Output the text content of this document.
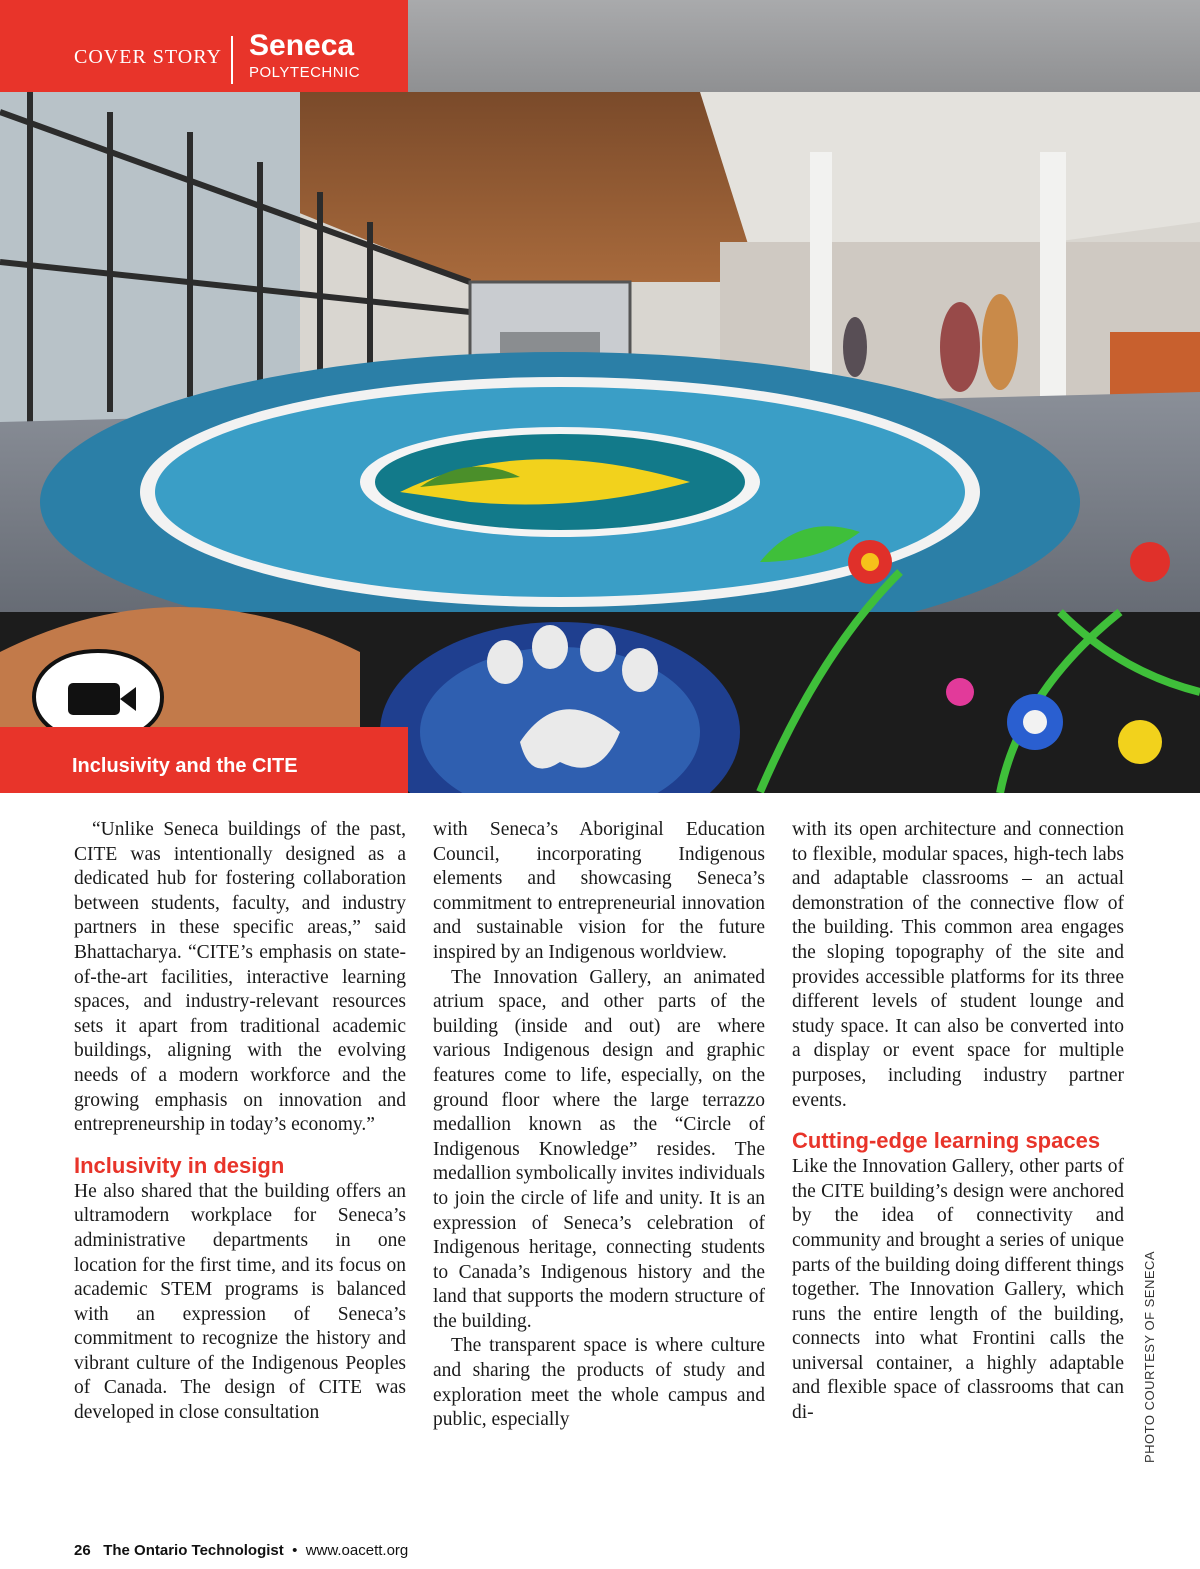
COVER STORY Seneca
POLYTECHNIC
Inclusivity and the CITE

“Unlike Seneca buildings of the past, CITE was intentionally designed as a dedicated hub for fostering collaboration between students, faculty, and industry partners in these specific areas,” said Bhattacharya. “CITE’s emphasis on state-of-the-art facilities, interactive learning spaces, and industry-relevant resources sets it apart from traditional academic buildings, aligning with the evolving needs of a modern workforce and the growing emphasis on innovation and entrepreneurship in today’s economy.”

Inclusivity in design

He also shared that the building offers an ultramodern workplace for Seneca’s administrative departments in one location for the first time, and its focus on academic STEM programs is balanced with an expression of Seneca’s commitment to recognize the history and vibrant culture of the Indigenous Peoples of Canada. The design of CITE was developed in close consultation

with Seneca’s Aboriginal Education Council, incorporating Indigenous elements and showcasing Seneca’s commitment to entrepreneurial innovation and sustainable vision for the future inspired by an Indigenous worldview.

The Innovation Gallery, an animated atrium space, and other parts of the building (inside and out) are where various Indigenous design and graphic features come to life, especially, on the ground floor where the large terrazzo medallion known as the “Circle of Indigenous Knowledge” resides. The medallion symbolically invites individuals to join the circle of life and unity. It is an expression of Seneca’s celebration of Indigenous heritage, connecting students to Canada’s Indigenous history and the land that supports the modern structure of the building.

The transparent space is where culture and sharing the products of study and exploration meet the whole campus and public, especially

with its open architecture and connection to flexible, modular spaces, high-tech labs and adaptable classrooms – an actual demonstration of the connective flow of the building. This common area engages the sloping topography of the site and provides accessible platforms for its three different levels of student lounge and study space. It can also be converted into a display or event space for multiple purposes, including industry partner events.

Cutting-edge learning spaces

Like the Innovation Gallery, other parts of the CITE building’s design were anchored by the idea of connectivity and community and brought a series of unique parts of the building doing different things together. The Innovation Gallery, which runs the entire length of the building, connects into what Frontini calls the universal container, a highly adaptable and flexible space of classrooms that can di-	PHOTO COURTESY OF SENECA
26 The Ontario Technologist • www.oacett.org
